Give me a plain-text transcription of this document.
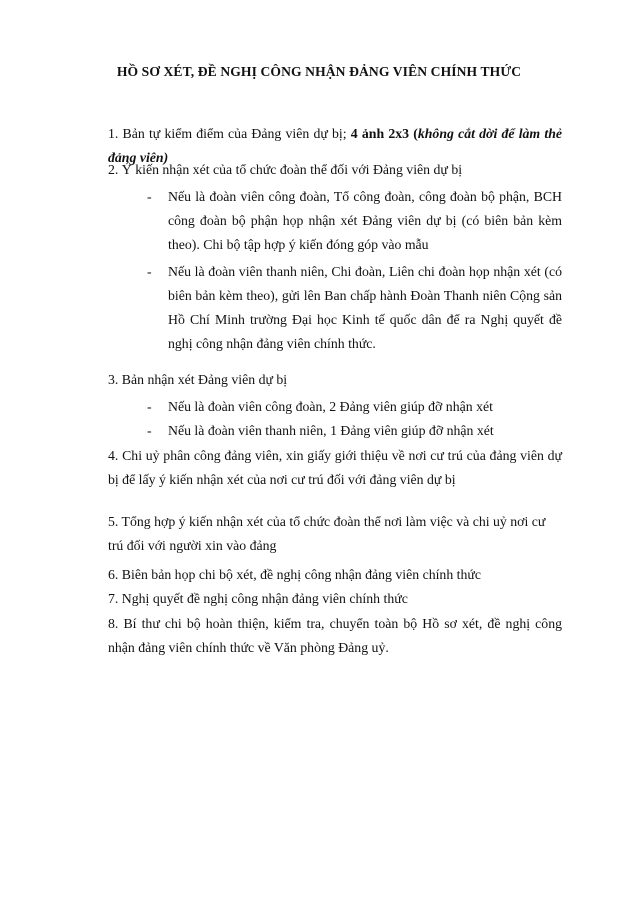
HỒ SƠ XÉT, ĐỀ NGHỊ CÔNG NHẬN ĐẢNG VIÊN CHÍNH THỨC

1. Bản tự kiểm điểm của Đảng viên dự bị; 4 ảnh 2x3 (không cắt dời để làm thẻ đảng viên)

2. Ý kiến nhận xét của tổ chức đoàn thể đối với Đảng viên dự bị

-	Nếu là đoàn viên công đoàn, Tổ công đoàn, công đoàn bộ phận, BCH công đoàn bộ phận họp nhận xét Đảng viên dự bị (có biên bản kèm theo). Chi bộ tập hợp ý kiến đóng góp vào mẫu
-	Nếu là đoàn viên thanh niên, Chi đoàn, Liên chi đoàn họp nhận xét (có biên bản kèm theo), gửi lên Ban chấp hành Đoàn Thanh niên Cộng sản Hồ Chí Minh trường Đại học Kinh tế quốc dân để ra Nghị quyết đề nghị công nhận đảng viên chính thức.

3. Bản nhận xét Đảng viên dự bị

-	Nếu là đoàn viên công đoàn, 2 Đảng viên giúp đỡ nhận xét
-	Nếu là đoàn viên thanh niên, 1 Đảng viên giúp đỡ nhận xét

4. Chi uỷ phân công đảng viên, xin giấy giới thiệu về nơi cư trú của đảng viên dự bị để lấy ý kiến nhận xét của nơi cư trú đối với đảng viên dự bị

5. Tổng hợp ý kiến nhận xét của tổ chức đoàn thể nơi làm việc và chi uỷ nơi cư trú đối với người xin vào đảng

6. Biên bản họp chi bộ xét, đề nghị công nhận đảng viên chính thức

7. Nghị quyết đề nghị công nhận đảng viên chính thức

8. Bí thư chi bộ hoàn thiện, kiểm tra, chuyển toàn bộ Hồ sơ xét, đề nghị công nhận đảng viên chính thức về Văn phòng Đảng uỷ.
